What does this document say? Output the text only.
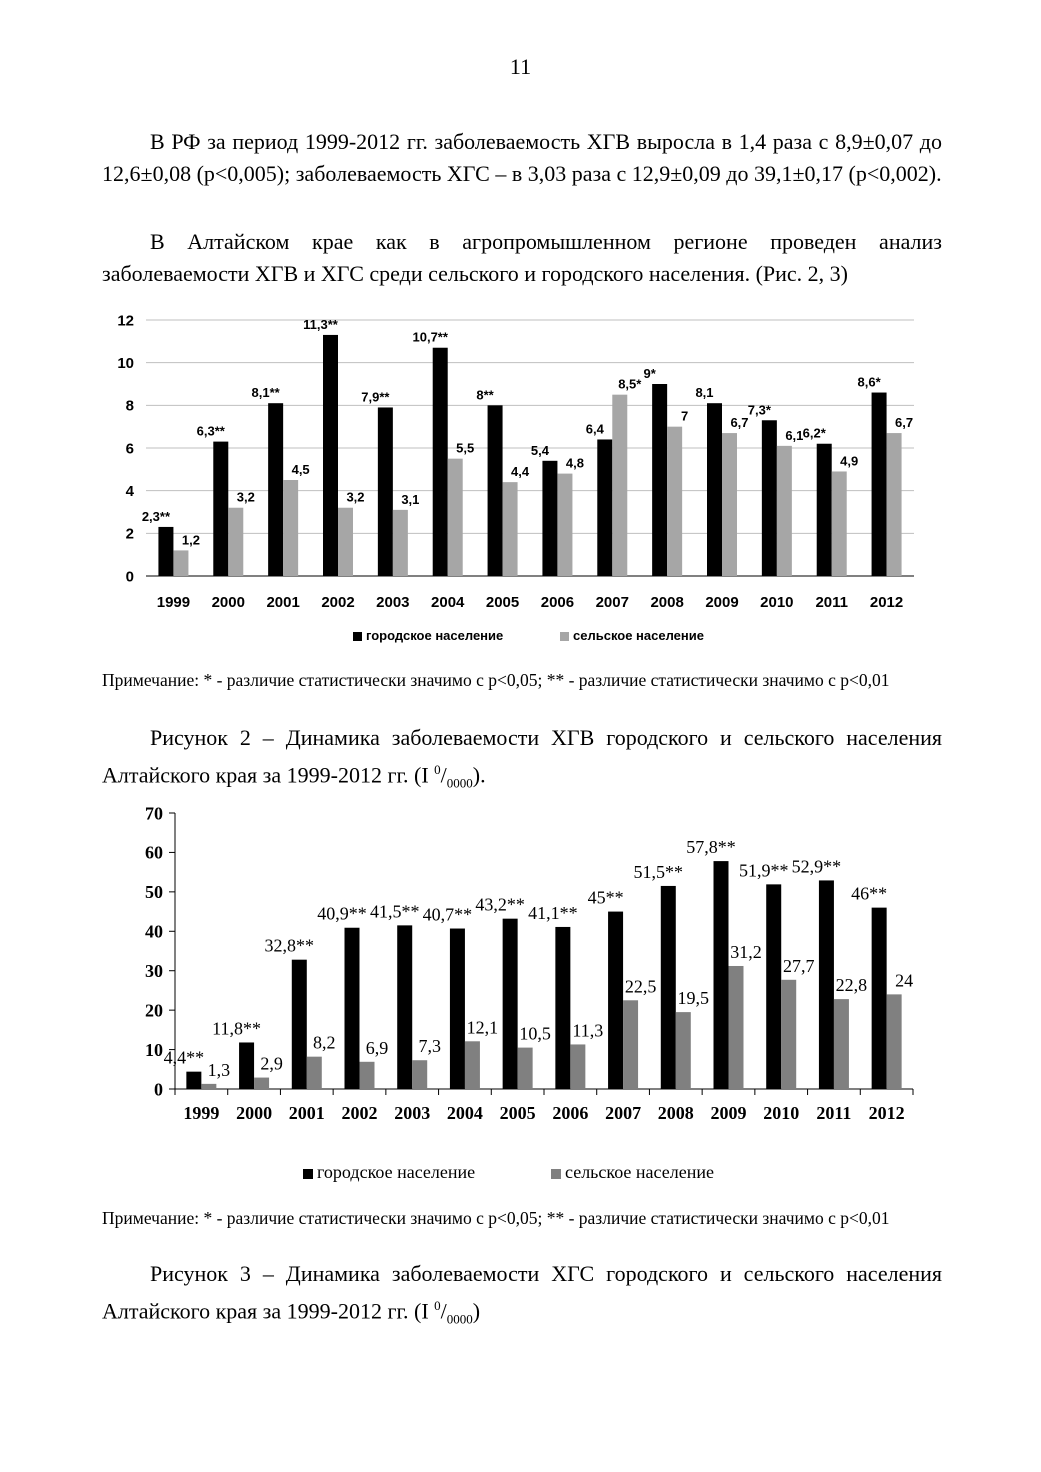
11
В РФ за период 1999-2012 гг. заболеваемость ХГВ выросла в 1,4 раза с 8,9±0,07 до 12,6±0,08 (p<0,005); заболеваемость ХГС – в 3,03 раза с 12,9±0,09 до 39,1±0,17 (p<0,002).
В Алтайском крае как в агропромышленном регионе проведен анализ заболеваемости ХГВ и ХГС среди сельского и городского населения. (Рис. 2, 3)
0
2
4
6
8
10
12
2,3**
1,2
6,3**
3,2
8,1**
4,5
11,3**
3,2
7,9**
3,1
10,7**
5,5
8**
4,4
5,4
4,8
6,4
8,5*
9*
7
8,1
6,7
7,3*
6,1 6,2*
4,9
8,6*
6,7
1999 2000 2001 2002 2003 2004 2005 2006 2007 2008 2009 2010 2011 2012
городское население	сельское население
Примечание: * - различие статистически значимо с p<0,05; ** - различие статистически значимо с p<0,01
Рисунок 2 – Динамика заболеваемости ХГВ городского и сельского населения Алтайского края за 1999-2012 гг. (I $^0/_{0000}$).
0
10
20
30
40
50
60
70
4,4**
1,3
11,8**
2,9
32,8**
8,2
40,9**
6,9
41,5**
7,3
40,7**
12,1
43,2**
10,5
41,1**
11,3
45**
22,5
51,5**
19,5
57,8**
31,2
51,9**
27,7
52,9**
22,8
46**
24
1999 2000 2001 2002 2003 2004 2005 2006 2007 2008 2009 2010 2011 2012
городское население	сельское население
Примечание: * - различие статистически значимо с p<0,05; ** - различие статистически значимо с p<0,01
Рисунок 3 – Динамика заболеваемости ХГС городского и сельского населения Алтайского края за 1999-2012 гг. (I $^0/_{0000}$)
